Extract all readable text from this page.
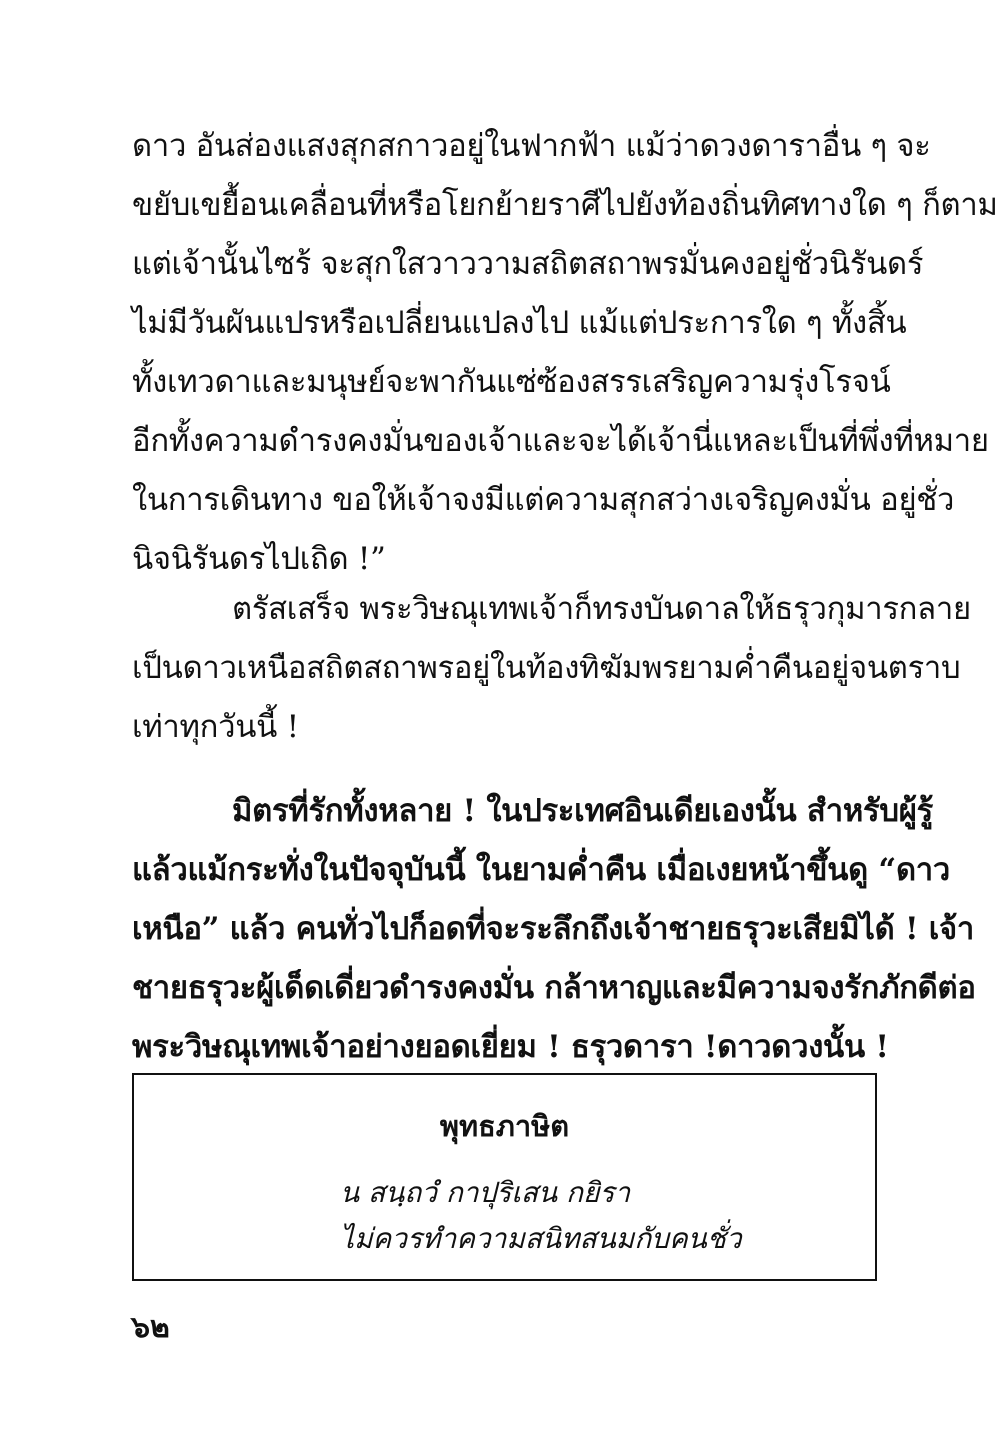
ดาว อันส่องแสงสุกสกาวอยู่ในฟากฟ้า แม้ว่าดวงดาราอื่น ๆ จะ
ขยับเขยื้อนเคลื่อนที่หรือโยกย้ายราศีไปยังท้องถิ่นทิศทางใด ๆ ก็ตาม
แต่เจ้านั้นไซร้ จะสุกใสวาววามสถิตสถาพรมั่นคงอยู่ชั่วนิรันดร์
ไม่มีวันผันแปรหรือเปลี่ยนแปลงไป แม้แต่ประการใด ๆ ทั้งสิ้น
ทั้งเทวดาและมนุษย์จะพากันแซ่ซ้องสรรเสริญความรุ่งโรจน์
อีกทั้งความดำรงคงมั่นของเจ้าและจะได้เจ้านี่แหละเป็นที่พึ่งที่หมาย
ในการเดินทาง ขอให้เจ้าจงมีแต่ความสุกสว่างเจริญคงมั่น อยู่ชั่ว
นิจนิรันดรไปเถิด !”
ตรัสเสร็จ พระวิษณุเทพเจ้าก็ทรงบันดาลให้ธรุวกุมารกลาย
เป็นดาวเหนือสถิตสถาพรอยู่ในท้องทิฆัมพรยามค่ำคืนอยู่จนตราบ
เท่าทุกวันนี้ !
มิตรที่รักทั้งหลาย ! ในประเทศอินเดียเองนั้น สำหรับผู้รู้
แล้วแม้กระทั่งในปัจจุบันนี้ ในยามค่ำคืน เมื่อเงยหน้าขึ้นดู “ดาว
เหนือ” แล้ว คนทั่วไปก็อดที่จะระลึกถึงเจ้าชายธรุวะเสียมิได้ ! เจ้า
ชายธรุวะผู้เด็ดเดี่ยวดำรงคงมั่น กล้าหาญและมีความจงรักภักดีต่อ
พระวิษณุเทพเจ้าอย่างยอดเยี่ยม ! ธรุวดารา !ดาวดวงนั้น !
พุทธภาษิต
น สนฺถวํ กาปุริเสน กยิรา
ไม่ควรทำความสนิทสนมกับคนชั่ว
๖๒
